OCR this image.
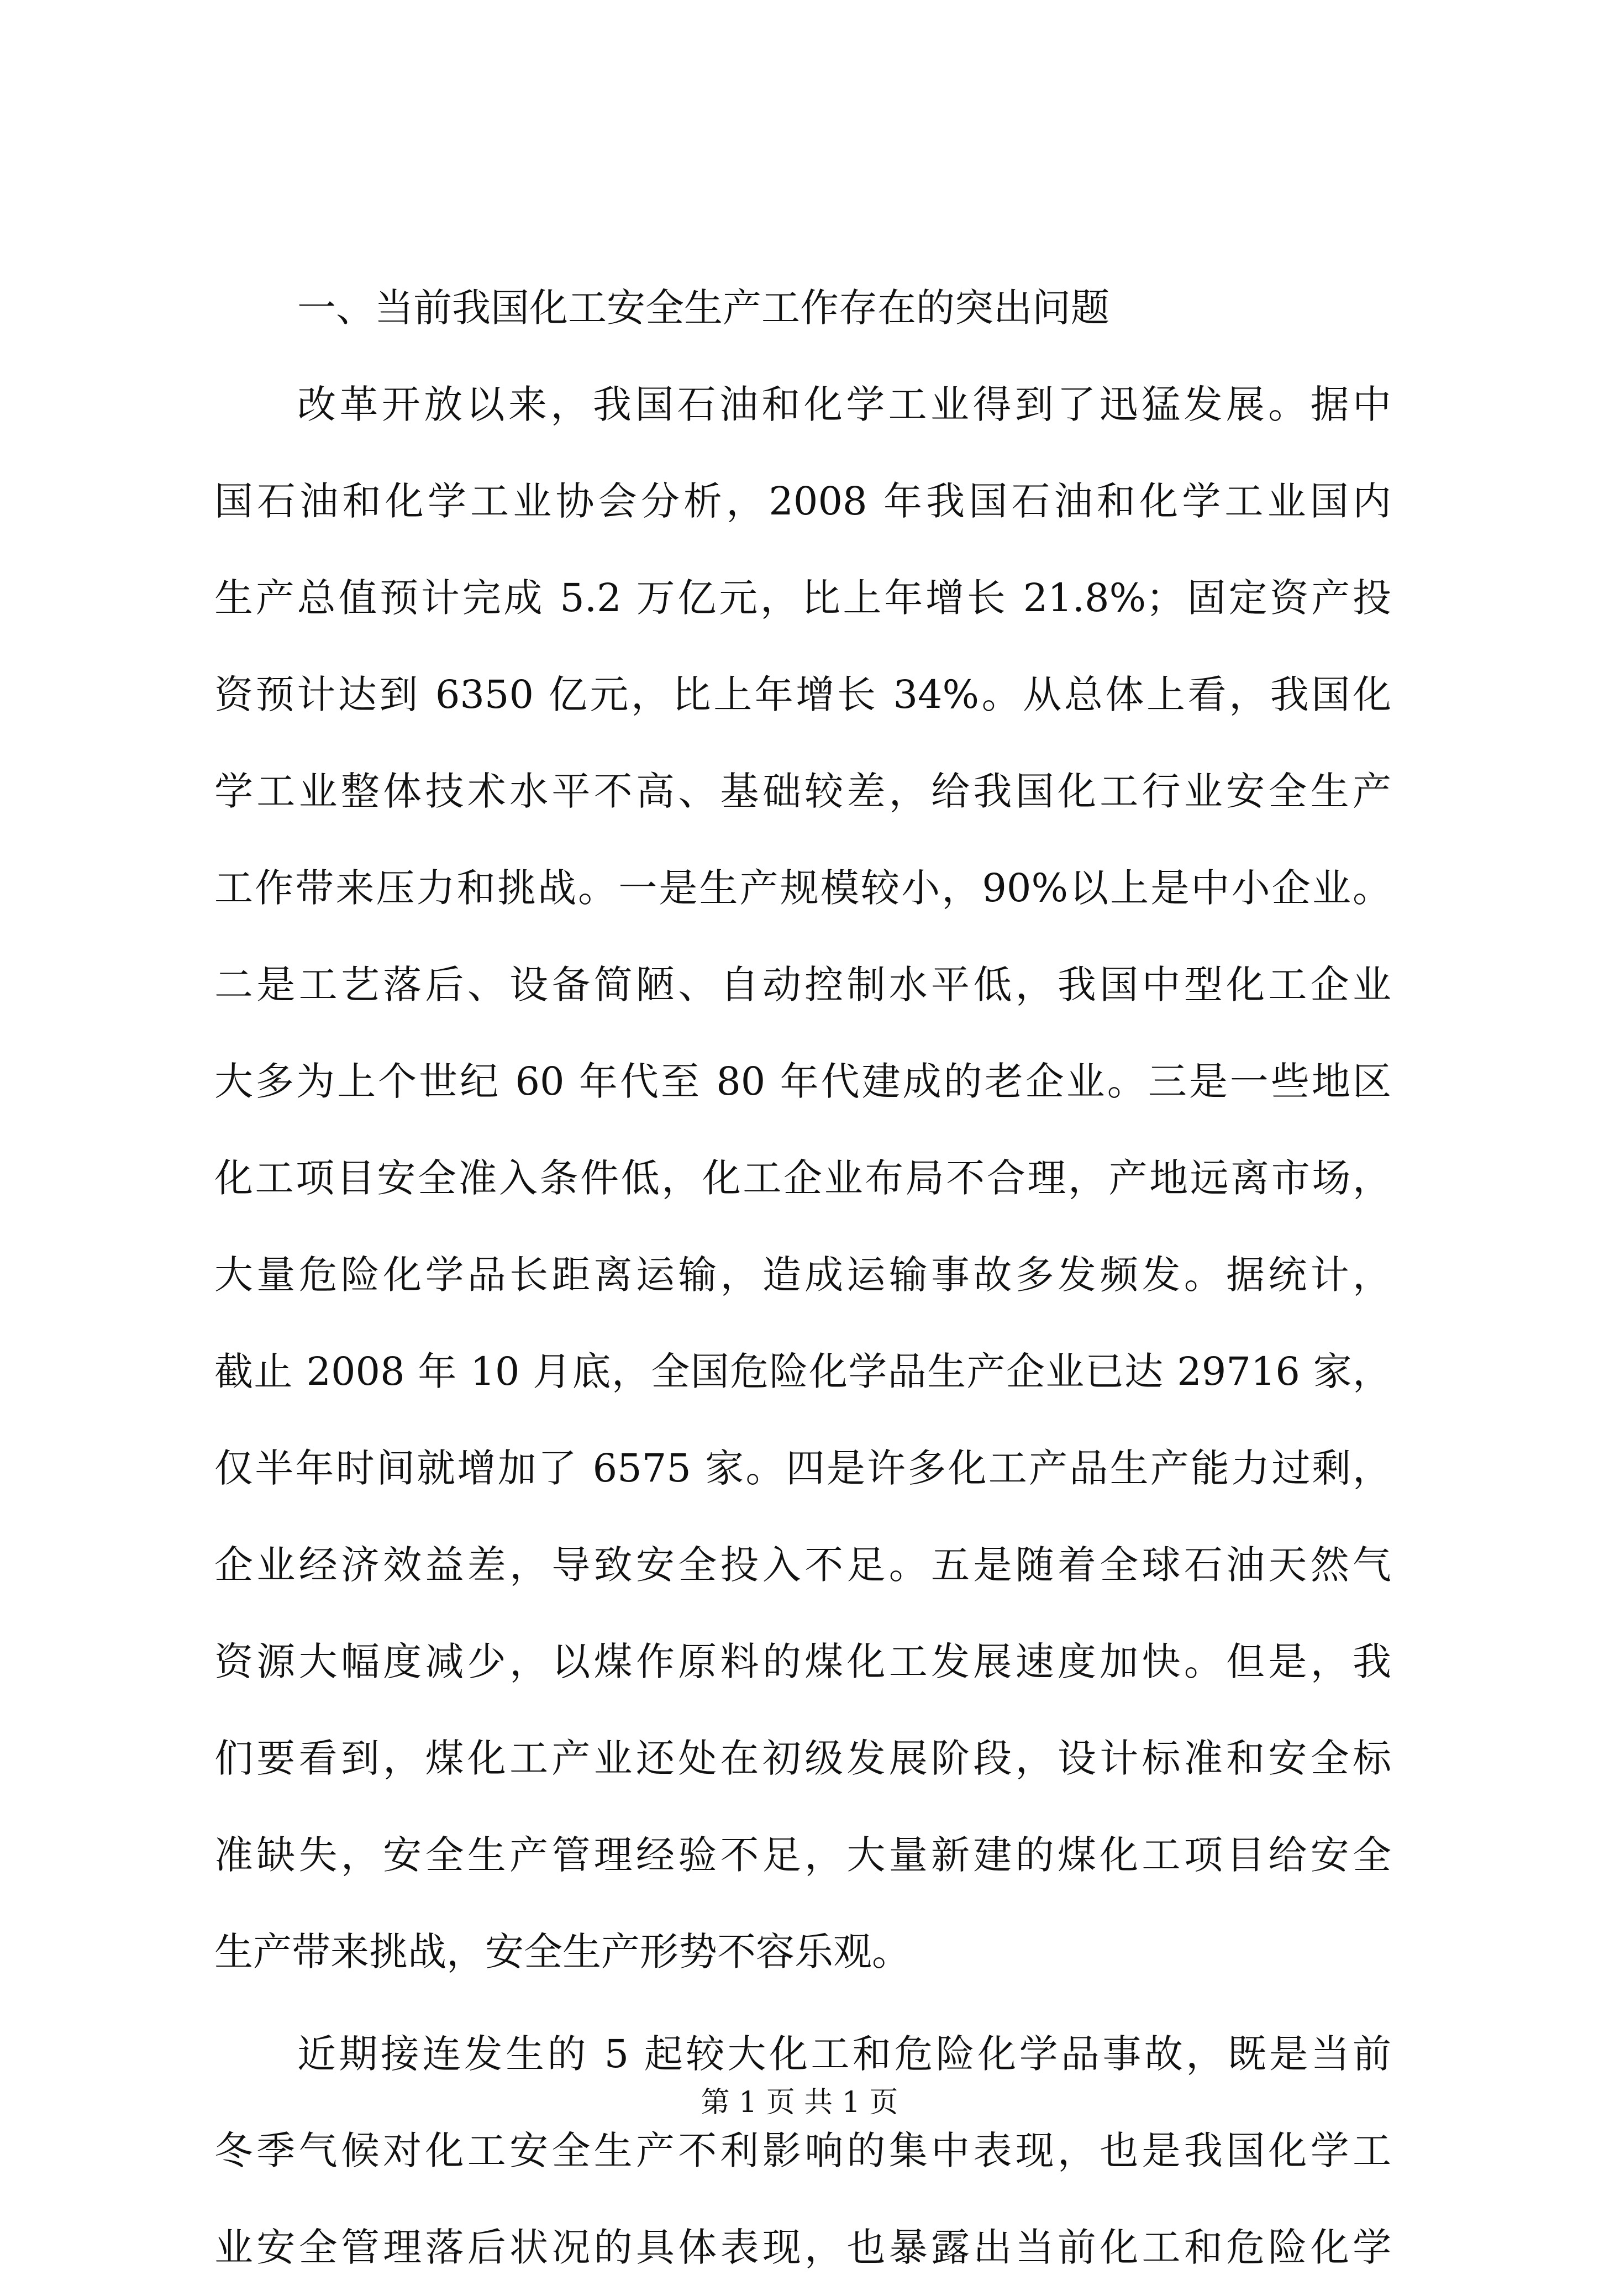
一、当前我国化工安全生产工作存在的突出问题
改革开放以来，我国石油和化学工业得到了迅猛发展。据中
国石油和化学工业协会分析，2008 年我国石油和化学工业国内
生产总值预计完成 5.2 万亿元，比上年增长 21.8%；固定资产投
资预计达到 6350 亿元，比上年增长 34%。从总体上看，我国化
学工业整体技术水平不高、基础较差，给我国化工行业安全生产
工作带来压力和挑战。一是生产规模较小，90%以上是中小企业。
二是工艺落后、设备简陋、自动控制水平低，我国中型化工企业
大多为上个世纪 60 年代至 80 年代建成的老企业。三是一些地区
化工项目安全准入条件低，化工企业布局不合理，产地远离市场，
大量危险化学品长距离运输，造成运输事故多发频发。据统计，
截止 2008 年 10 月底，全国危险化学品生产企业已达 29716 家，
仅半年时间就增加了 6575 家。四是许多化工产品生产能力过剩，
企业经济效益差，导致安全投入不足。五是随着全球石油天然气
资源大幅度减少，以煤作原料的煤化工发展速度加快。但是，我
们要看到，煤化工产业还处在初级发展阶段，设计标准和安全标
准缺失，安全生产管理经验不足，大量新建的煤化工项目给安全
生产带来挑战，安全生产形势不容乐观。
近期接连发生的 5 起较大化工和危险化学品事故，既是当前
冬季气候对化工安全生产不利影响的集中表现，也是我国化学工
业安全管理落后状况的具体表现，也暴露出当前化工和危险化学
第 1 页 共 1 页
